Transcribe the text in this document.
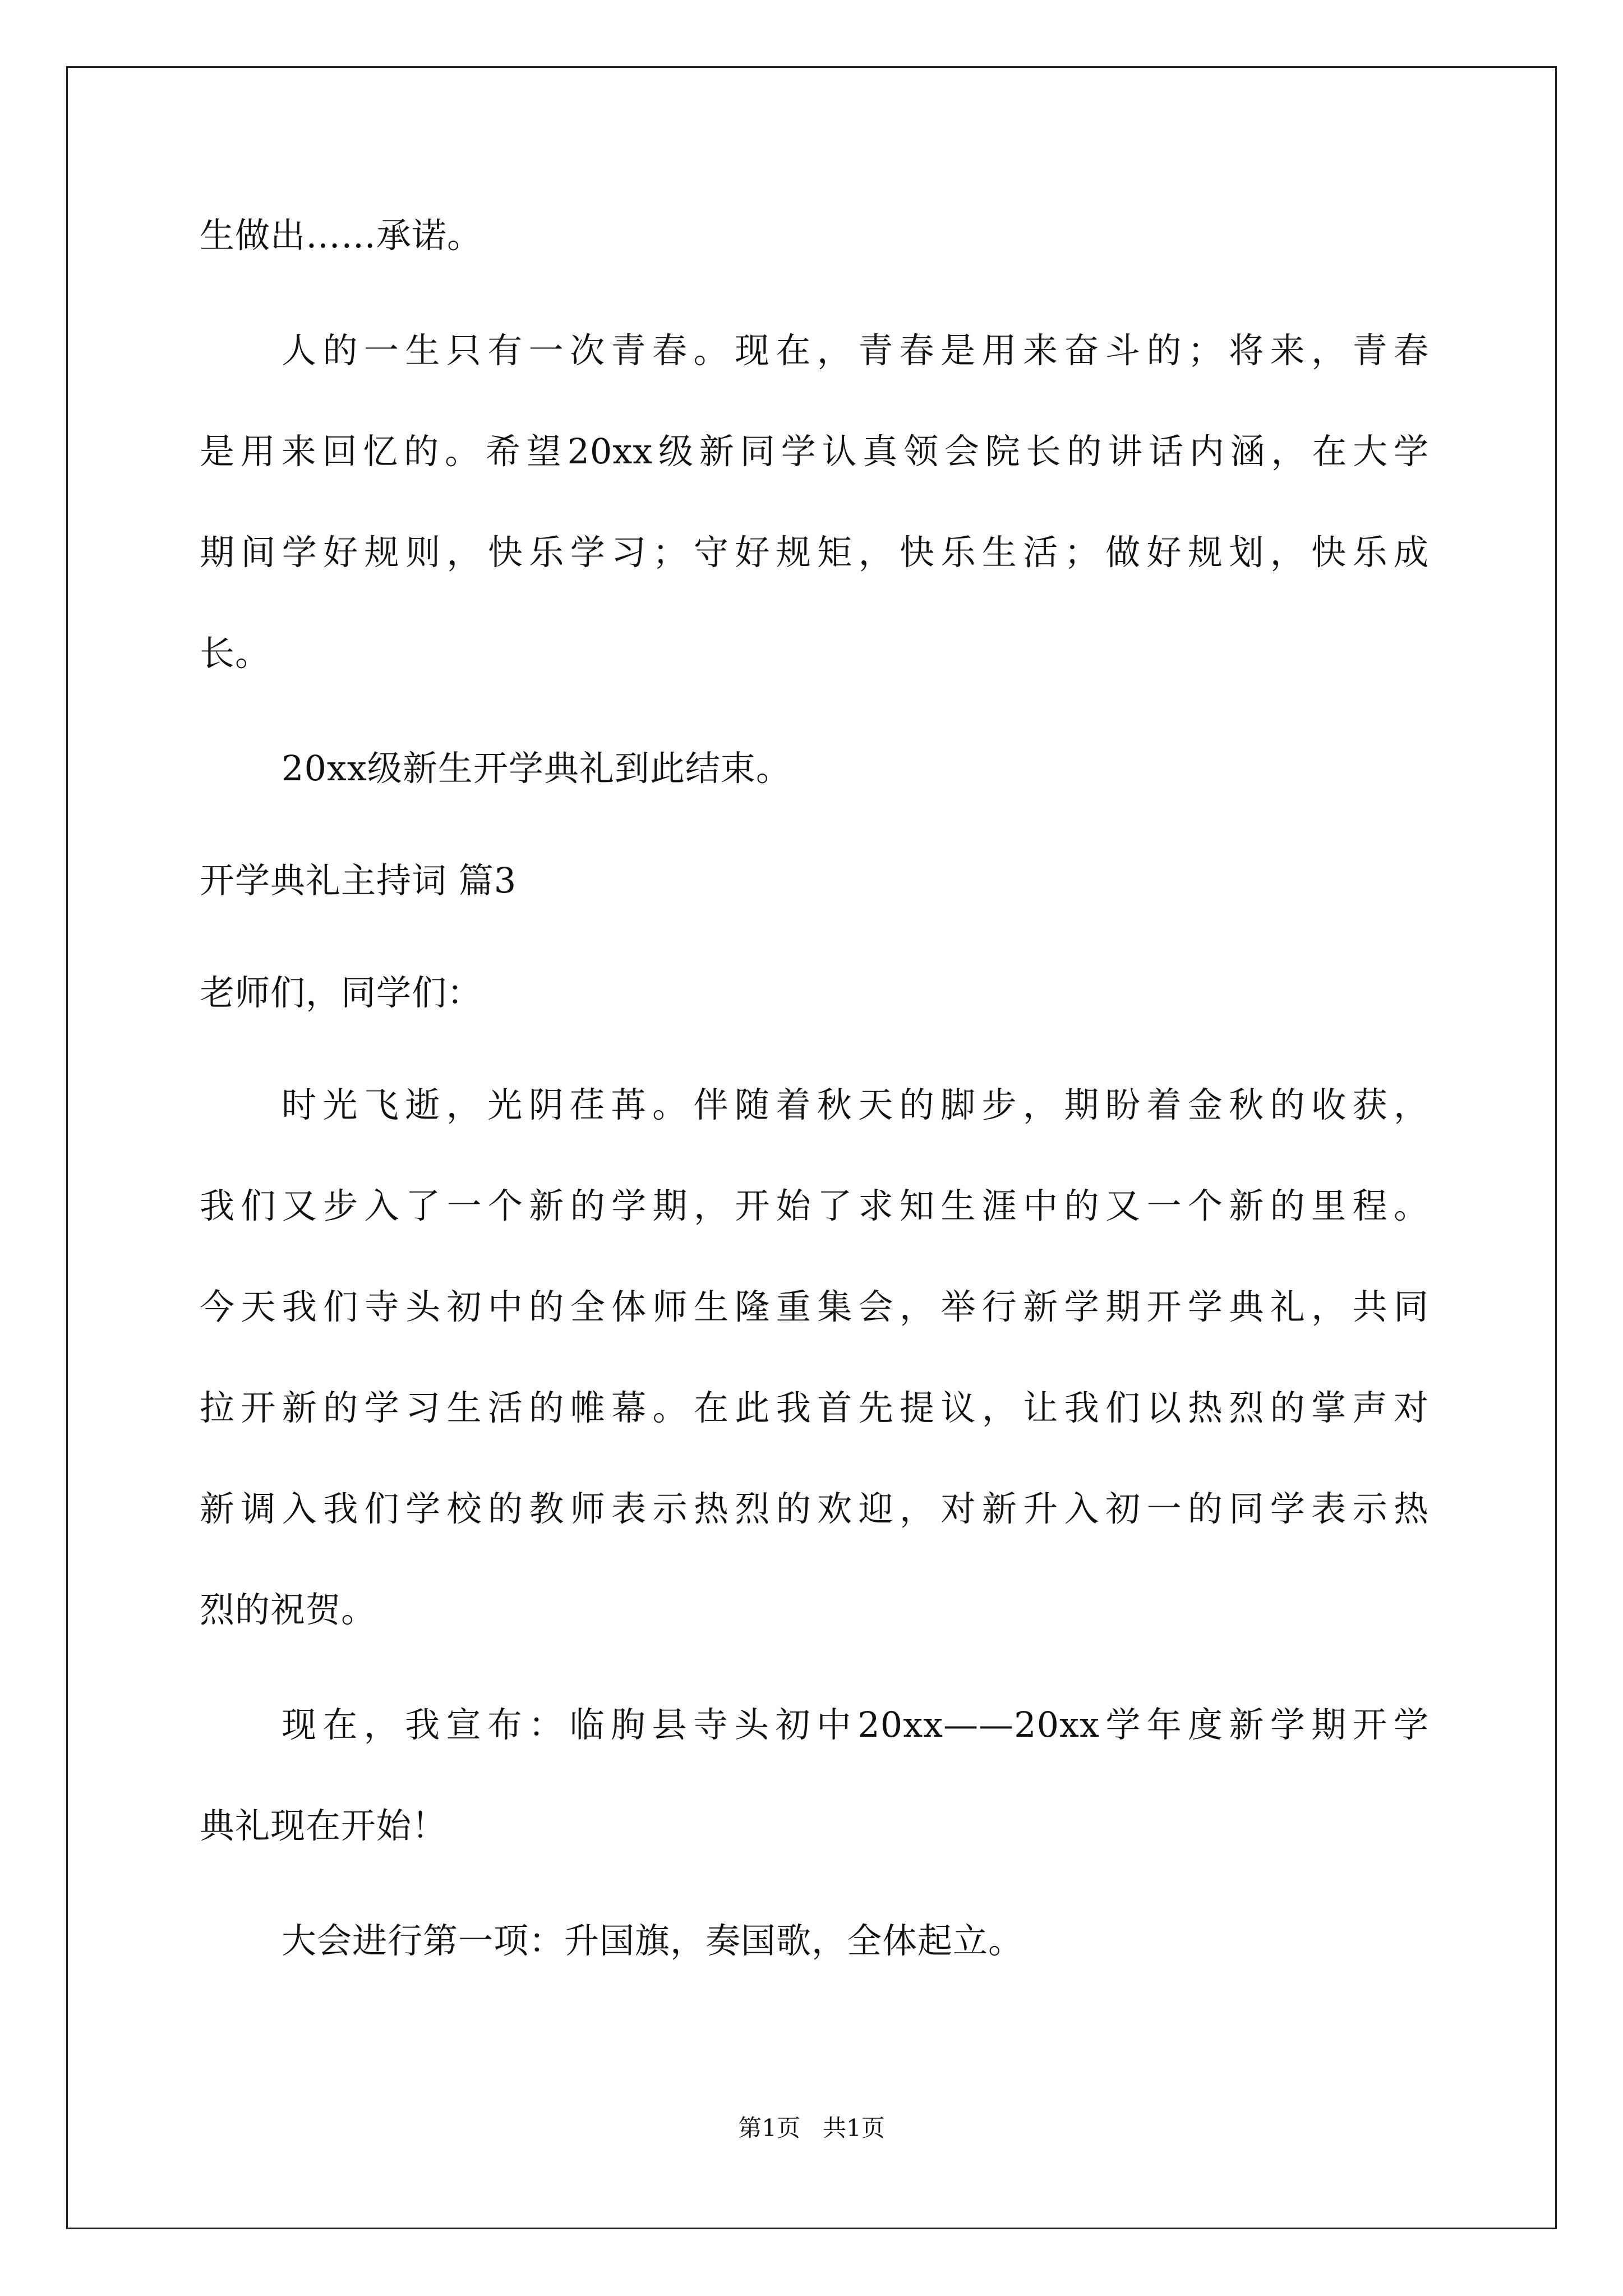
生做出……承诺。
人的一生只有一次青春。现在，青春是用来奋斗的；将来，青春
是用来回忆的。希望20xx级新同学认真领会院长的讲话内涵，在大学
期间学好规则，快乐学习；守好规矩，快乐生活；做好规划，快乐成
长。
20xx级新生开学典礼到此结束。
开学典礼主持词 篇3
老师们，同学们：
时光飞逝，光阴荏苒。伴随着秋天的脚步，期盼着金秋的收获，
我们又步入了一个新的学期，开始了求知生涯中的又一个新的里程。
今天我们寺头初中的全体师生隆重集会，举行新学期开学典礼，共同
拉开新的学习生活的帷幕。在此我首先提议，让我们以热烈的掌声对
新调入我们学校的教师表示热烈的欢迎，对新升入初一的同学表示热
烈的祝贺。
现在，我宣布：临朐县寺头初中20xx——20xx学年度新学期开学
典礼现在开始！
大会进行第一项：升国旗，奏国歌，全体起立。
第1页   共1页
